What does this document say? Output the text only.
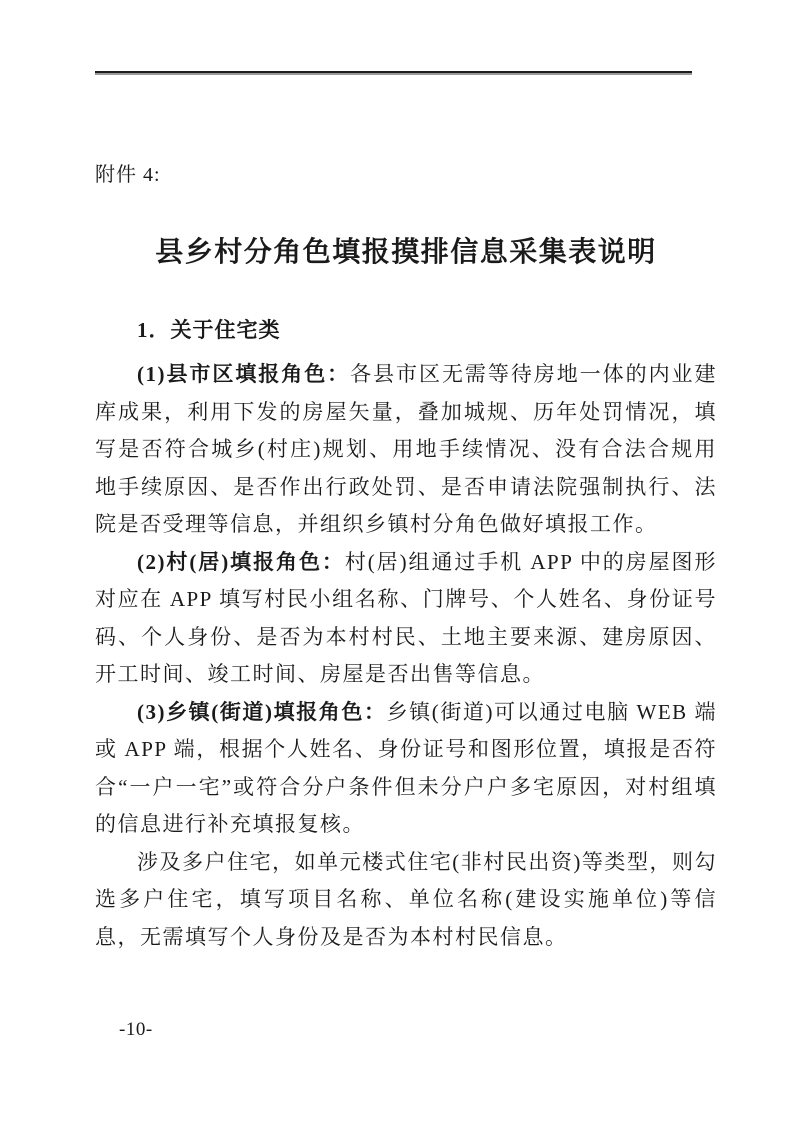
附件 4:
县乡村分角色填报摸排信息采集表说明
1．关于住宅类

(1)县市区填报角色：各县市区无需等待房地一体的内业建库成果，利用下发的房屋矢量，叠加城规、历年处罚情况，填写是否符合城乡(村庄)规划、用地手续情况、没有合法合规用地手续原因、是否作出行政处罚、是否申请法院强制执行、法院是否受理等信息，并组织乡镇村分角色做好填报工作。

(2)村(居)填报角色：村(居)组通过手机 APP 中的房屋图形对应在 APP 填写村民小组名称、门牌号、个人姓名、身份证号码、个人身份、是否为本村村民、土地主要来源、建房原因、开工时间、竣工时间、房屋是否出售等信息。

(3)乡镇(街道)填报角色：乡镇(街道)可以通过电脑 WEB 端或 APP 端，根据个人姓名、身份证号和图形位置，填报是否符合“一户一宅”或符合分户条件但未分户户多宅原因，对村组填的信息进行补充填报复核。

涉及多户住宅，如单元楼式住宅(非村民出资)等类型，则勾选多户住宅，填写项目名称、单位名称(建设实施单位)等信息，无需填写个人身份及是否为本村村民信息。

-10-
